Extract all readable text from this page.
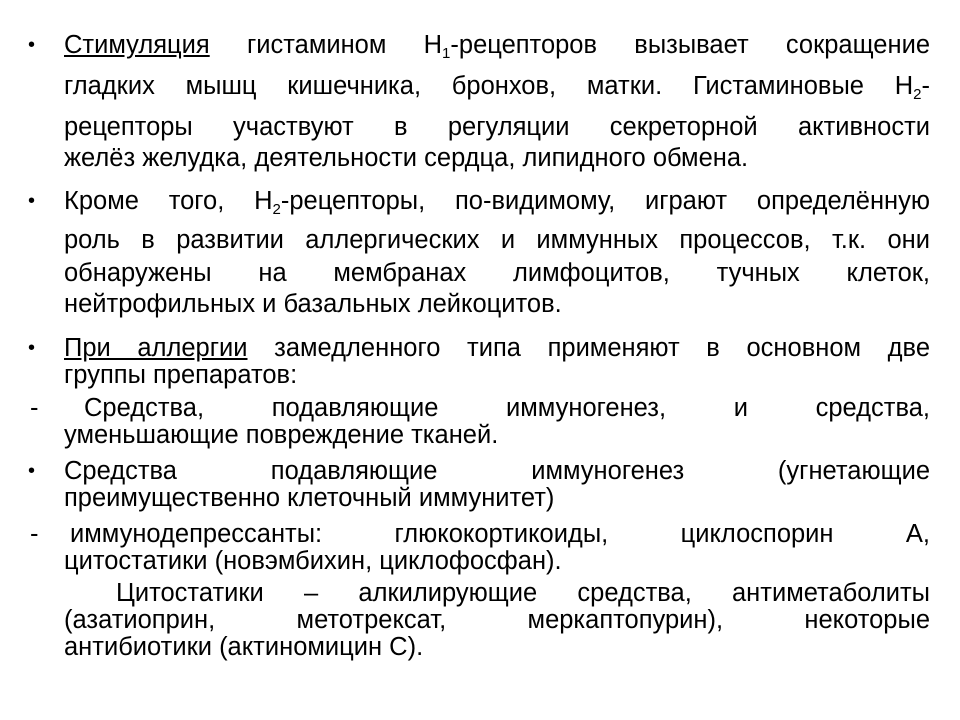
• Стимуляция гистамином $Н_1$-рецепторов вызывает сокращение
гладких мышц кишечника, бронхов, матки. Гистаминовые $Н_2-$
рецепторы участвуют в регуляции секреторной активности
желёз желудка, деятельности сердца, липидного обмена.
• Кроме того, $Н_2$-рецепторы, по-видимому, играют определённую
роль в развитии аллергических и иммунных процессов, т.к. они
обнаружены на мембранах лимфоцитов, тучных клеток,
нейтрофильных и базальных лейкоцитов.
• При аллергии замедленного типа применяют в основном две
группы препаратов:
-	Средства, подавляющие иммуногенез, и средства,
уменьшающие повреждение тканей.
• Средства подавляющие иммуногенез (угнетающие
преимущественно клеточный иммунитет)
- иммунодепрессанты: глюкокортикоиды, циклоспорин А,
цитостатики (новэмбихин, циклофосфан).
Цитостатики – алкилирующие средства, антиметаболиты
(азатиоприн, метотрексат, меркаптопурин), некоторые
антибиотики (актиномицин С).
